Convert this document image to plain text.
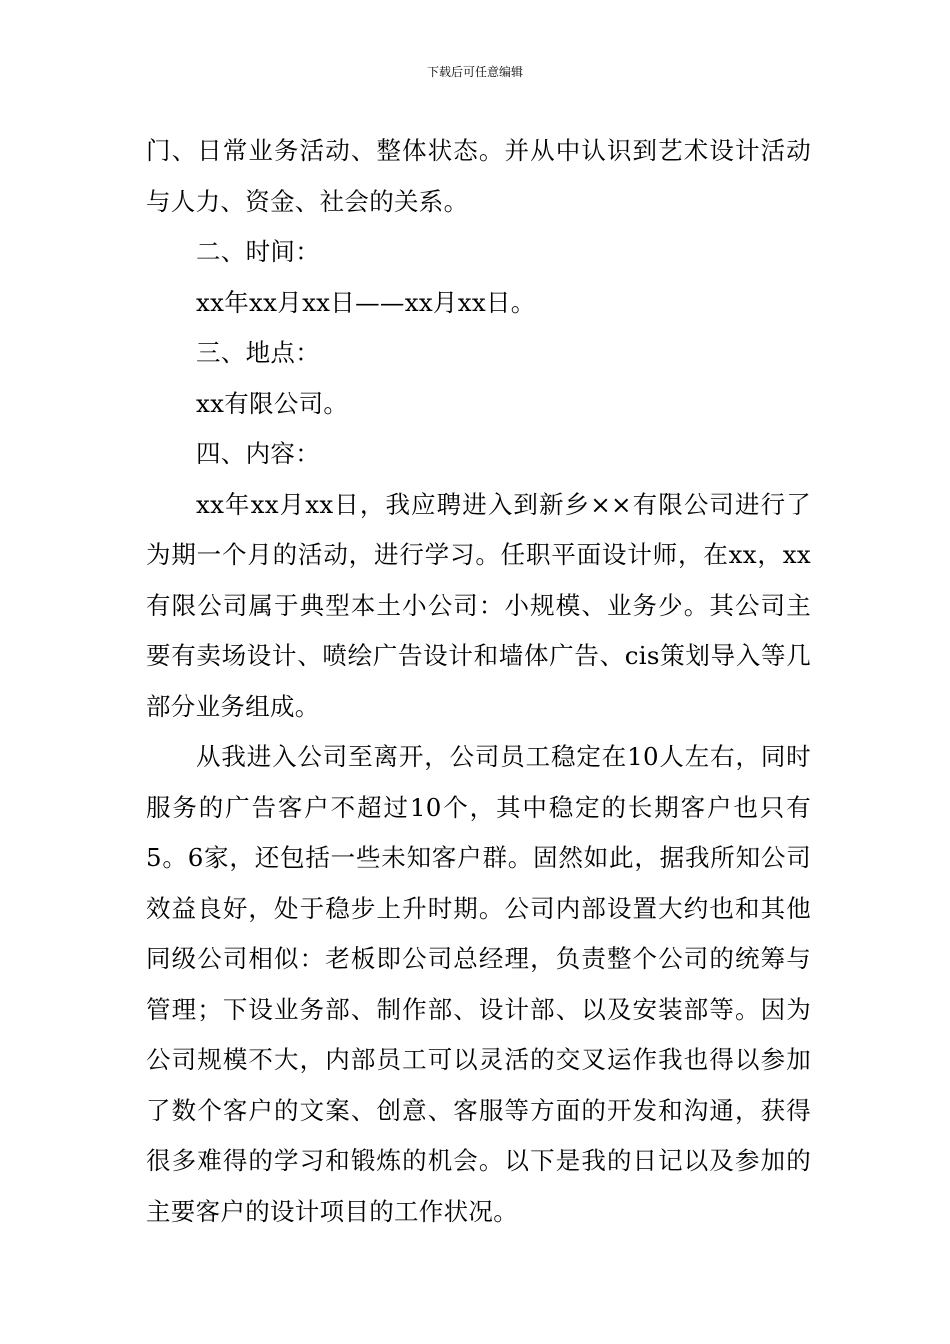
下载后可任意编辑

门、日常业务活动、整体状态。并从中认识到艺术设计活动与人力、资金、社会的关系。

二、时间：

xx年xx月xx日——xx月xx日。

三、地点：

xx有限公司。

四、内容：

xx年xx月xx日，我应聘进入到新乡××有限公司进行了为期一个月的活动，进行学习。任职平面设计师，在xx，xx有限公司属于典型本土小公司：小规模、业务少。其公司主要有卖场设计、喷绘广告设计和墙体广告、cis策划导入等几部分业务组成。

从我进入公司至离开，公司员工稳定在10人左右，同时服务的广告客户不超过10个，其中稳定的长期客户也只有5。6家，还包括一些未知客户群。固然如此，据我所知公司效益良好，处于稳步上升时期。公司内部设置大约也和其他同级公司相似：老板即公司总经理，负责整个公司的统筹与管理；下设业务部、制作部、设计部、以及安装部等。因为公司规模不大，内部员工可以灵活的交叉运作我也得以参加了数个客户的文案、创意、客服等方面的开发和沟通，获得很多难得的学习和锻炼的机会。以下是我的日记以及参加的主要客户的设计项目的工作状况。
